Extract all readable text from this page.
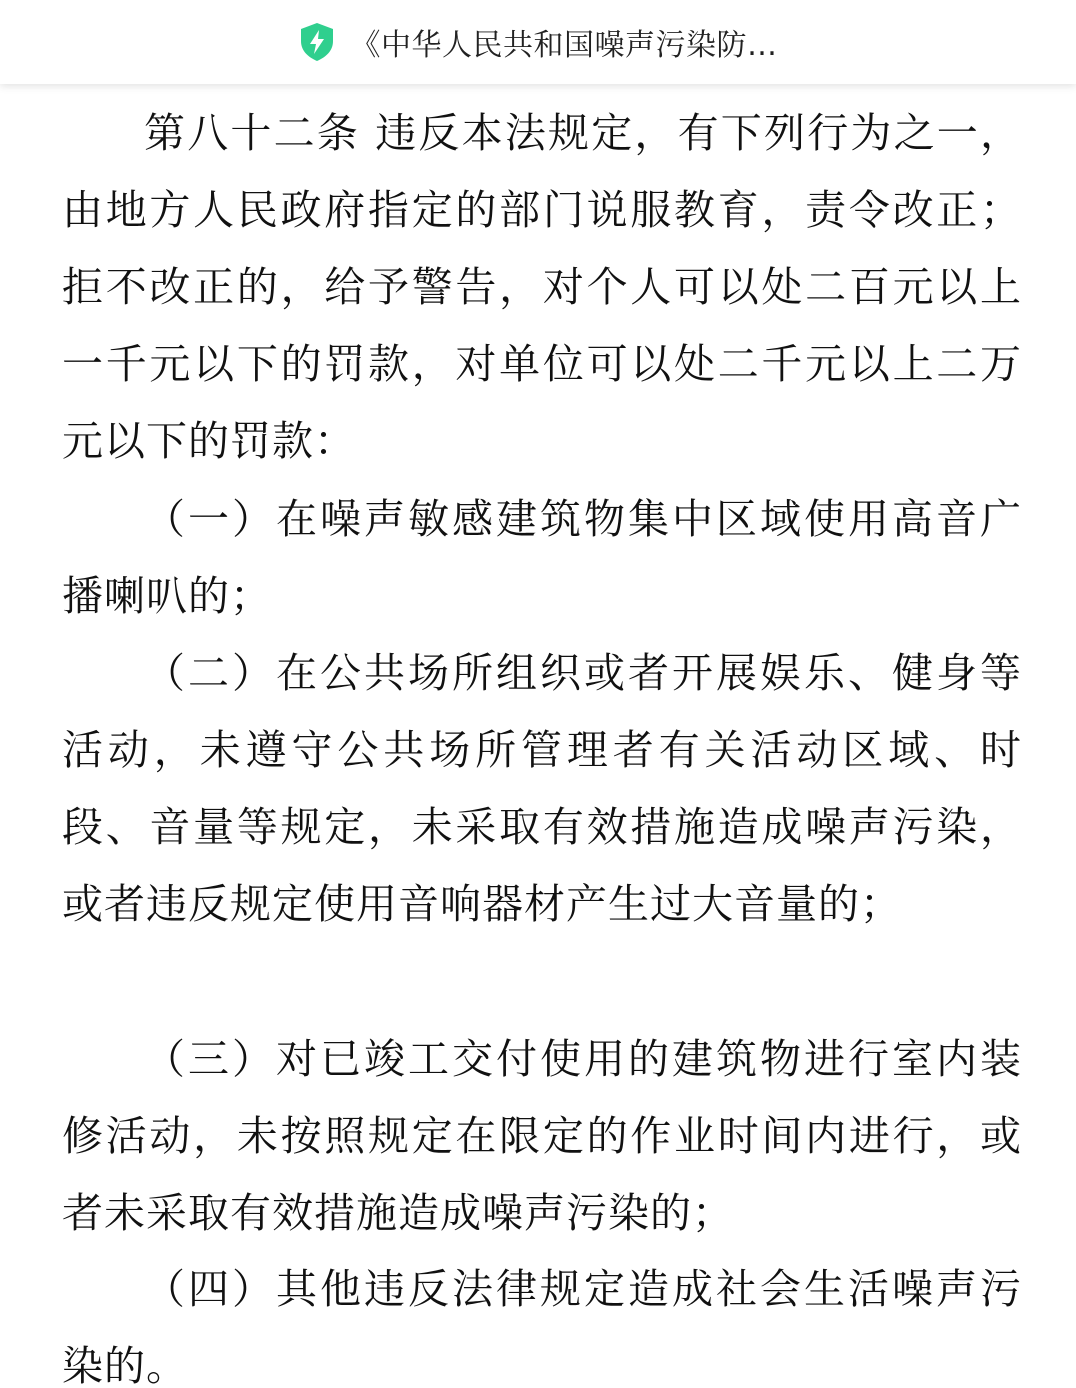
《中华人民共和国噪声污染防…

第八十二条 违反本法规定，有下列行为之一，由地方人民政府指定的部门说服教育，责令改正；拒不改正的，给予警告，对个人可以处二百元以上一千元以下的罚款，对单位可以处二千元以上二万元以下的罚款：

（一）在噪声敏感建筑物集中区域使用高音广播喇叭的；

（二）在公共场所组织或者开展娱乐、健身等活动，未遵守公共场所管理者有关活动区域、时段、音量等规定，未采取有效措施造成噪声污染，或者违反规定使用音响器材产生过大音量的；

（三）对已竣工交付使用的建筑物进行室内装修活动，未按照规定在限定的作业时间内进行，或者未采取有效措施造成噪声污染的；

（四）其他违反法律规定造成社会生活噪声污染的。
